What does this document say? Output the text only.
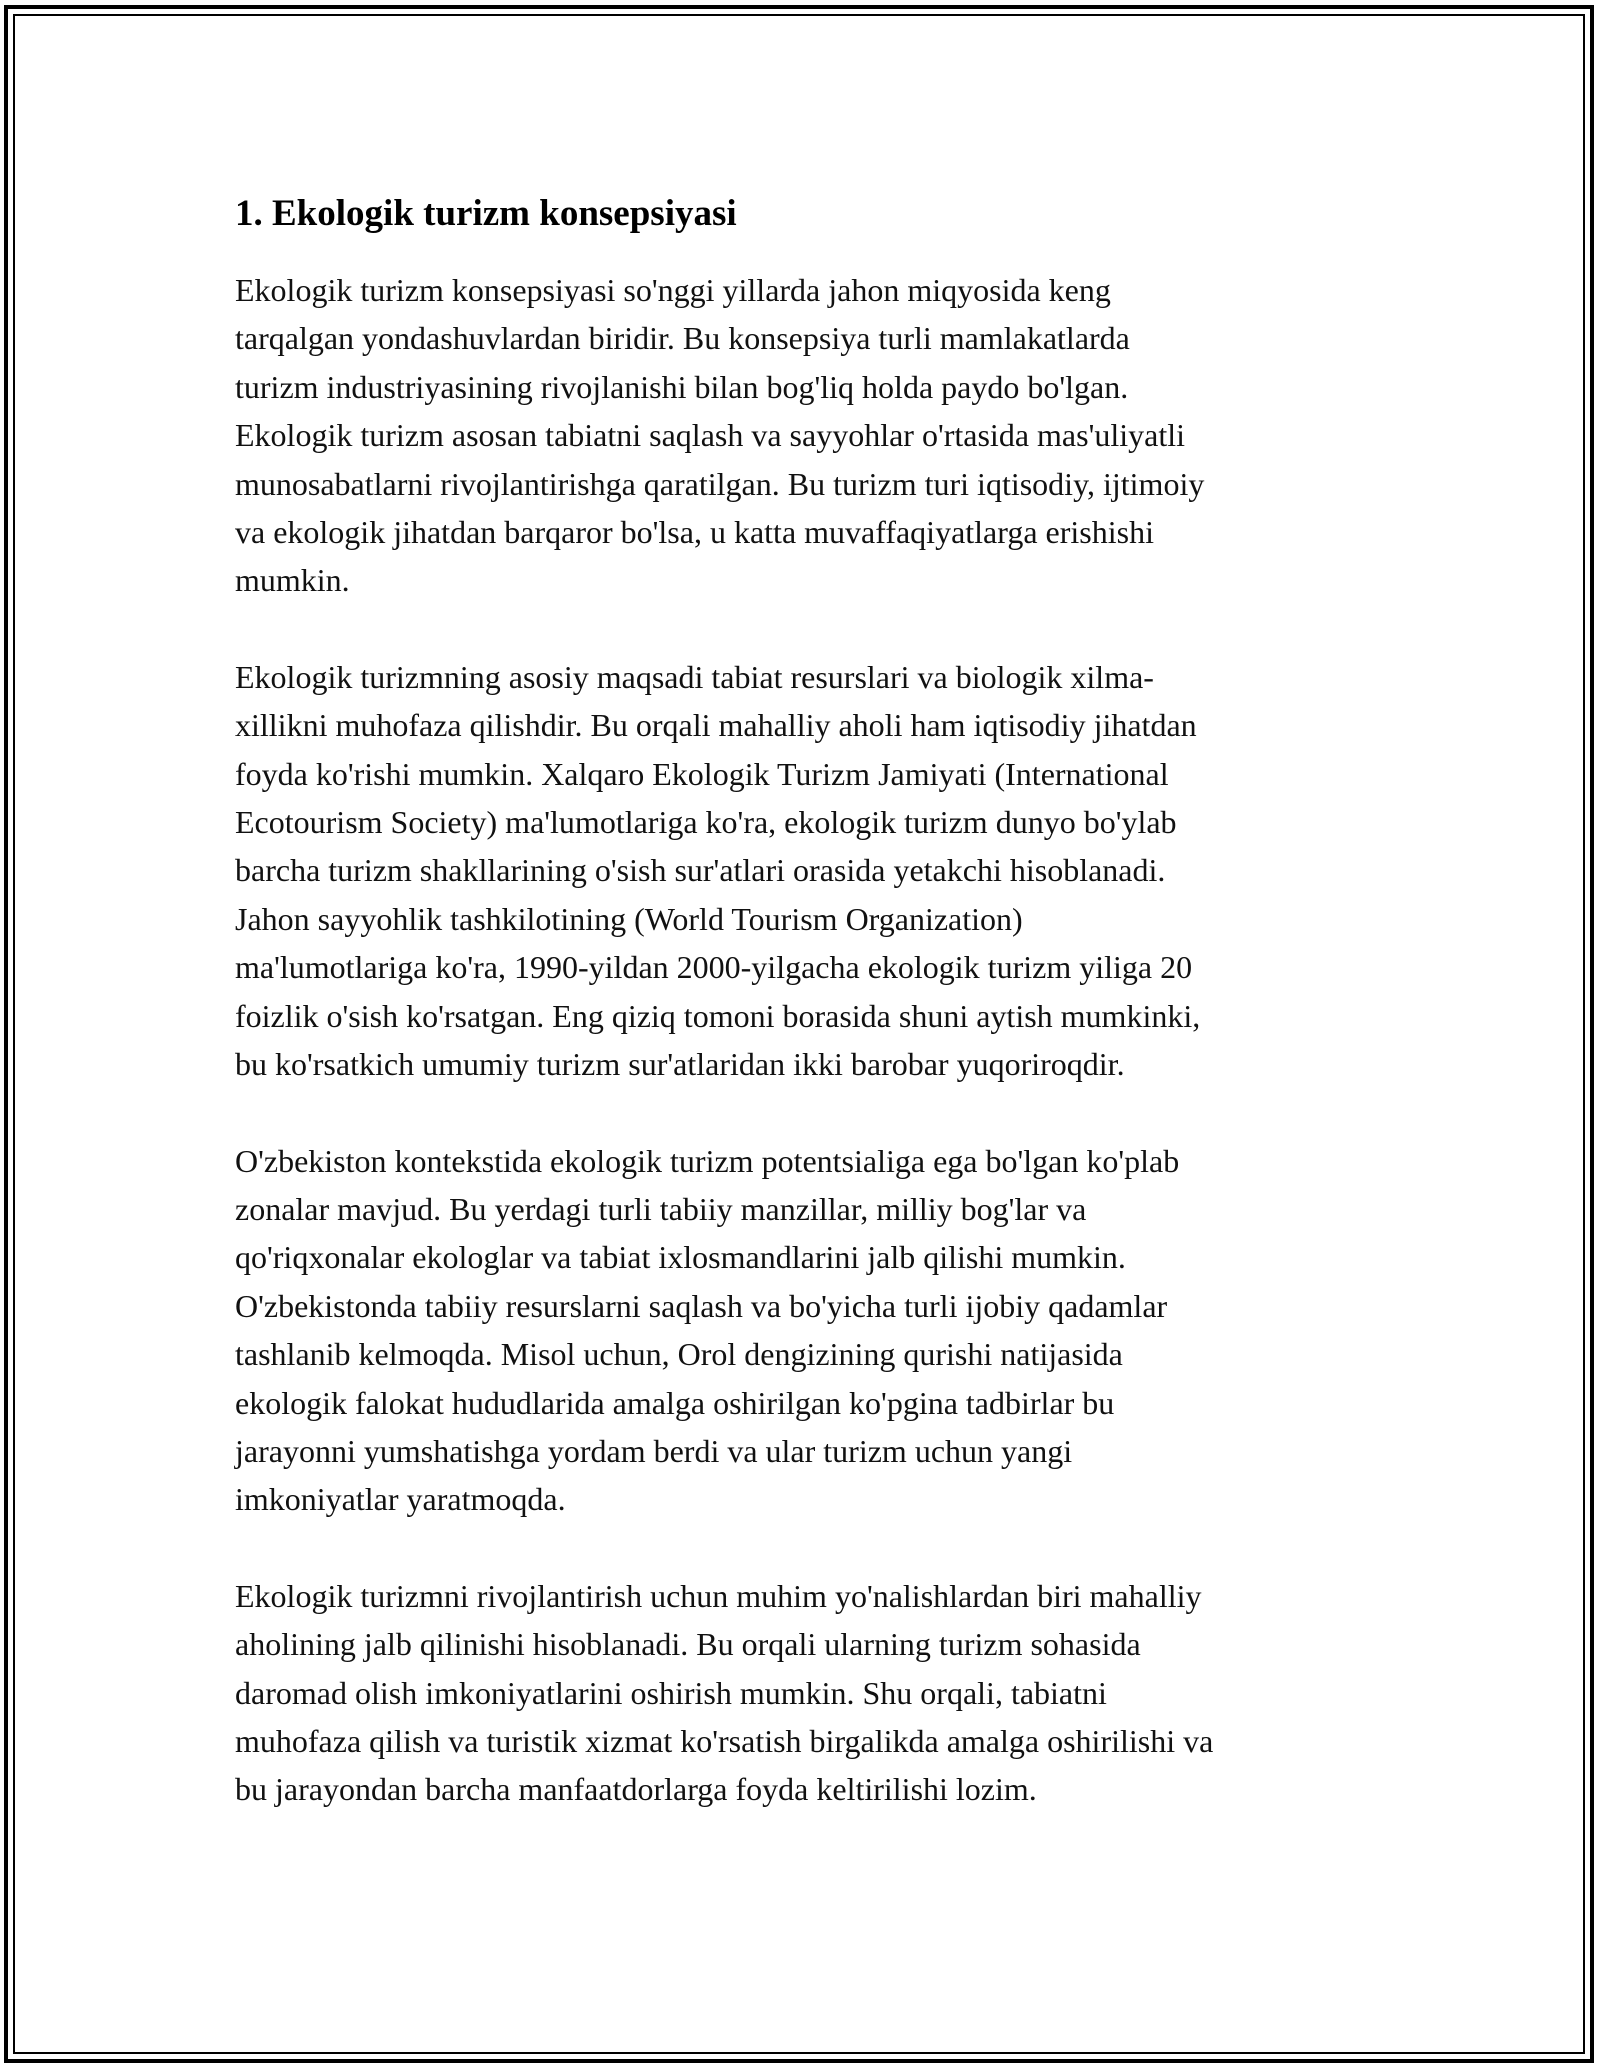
1. Ekologik turizm konsepsiyasi

Ekologik turizm konsepsiyasi so'nggi yillarda jahon miqyosida keng
tarqalgan yondashuvlardan biridir. Bu konsepsiya turli mamlakatlarda
turizm industriyasining rivojlanishi bilan bog'liq holda paydo bo'lgan.
Ekologik turizm asosan tabiatni saqlash va sayyohlar o'rtasida mas'uliyatli
munosabatlarni rivojlantirishga qaratilgan. Bu turizm turi iqtisodiy, ijtimoiy
va ekologik jihatdan barqaror bo'lsa, u katta muvaffaqiyatlarga erishishi
mumkin.

Ekologik turizmning asosiy maqsadi tabiat resurslari va biologik xilma-
xillikni muhofaza qilishdir. Bu orqali mahalliy aholi ham iqtisodiy jihatdan
foyda ko'rishi mumkin. Xalqaro Ekologik Turizm Jamiyati (International
Ecotourism Society) ma'lumotlariga ko'ra, ekologik turizm dunyo bo'ylab
barcha turizm shakllarining o'sish sur'atlari orasida yetakchi hisoblanadi.
Jahon sayyohlik tashkilotining (World Tourism Organization)
ma'lumotlariga ko'ra, 1990-yildan 2000-yilgacha ekologik turizm yiliga 20
foizlik o'sish ko'rsatgan. Eng qiziq tomoni borasida shuni aytish mumkinki,
bu ko'rsatkich umumiy turizm sur'atlaridan ikki barobar yuqoriroqdir.

O'zbekiston kontekstida ekologik turizm potentsialiga ega bo'lgan ko'plab
zonalar mavjud. Bu yerdagi turli tabiiy manzillar, milliy bog'lar va
qo'riqxonalar ekologlar va tabiat ixlosmandlarini jalb qilishi mumkin.
O'zbekistonda tabiiy resurslarni saqlash va bo'yicha turli ijobiy qadamlar
tashlanib kelmoqda. Misol uchun, Orol dengizining qurishi natijasida
ekologik falokat hududlarida amalga oshirilgan ko'pgina tadbirlar bu
jarayonni yumshatishga yordam berdi va ular turizm uchun yangi
imkoniyatlar yaratmoqda.

Ekologik turizmni rivojlantirish uchun muhim yo'nalishlardan biri mahalliy
aholining jalb qilinishi hisoblanadi. Bu orqali ularning turizm sohasida
daromad olish imkoniyatlarini oshirish mumkin. Shu orqali, tabiatni
muhofaza qilish va turistik xizmat ko'rsatish birgalikda amalga oshirilishi va
bu jarayondan barcha manfaatdorlarga foyda keltirilishi lozim.
